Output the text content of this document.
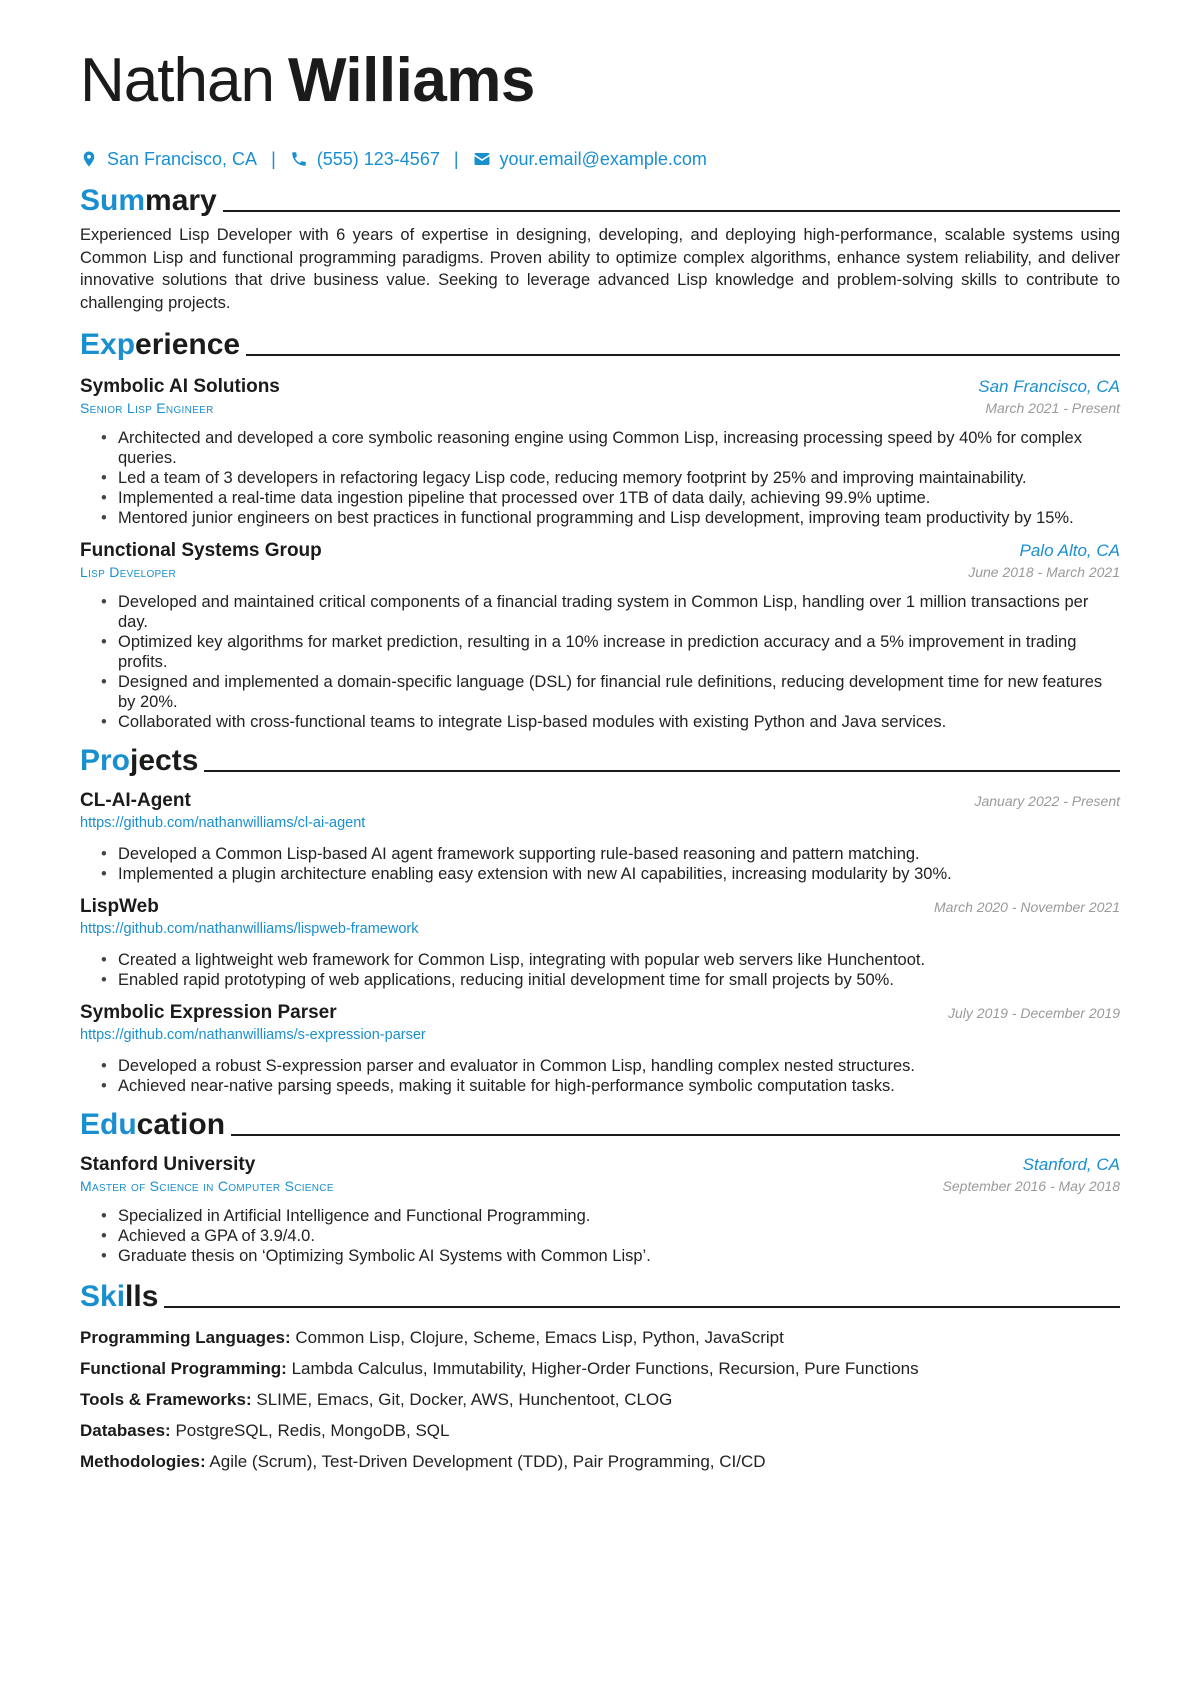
Nathan Williams
San Francisco, CA | (555) 123-4567 | your.email@example.com
Summary

Experienced Lisp Developer with 6 years of expertise in designing, developing, and deploying high-performance, scalable systems using Common Lisp and functional programming paradigms. Proven ability to optimize complex algorithms, enhance system reliability, and deliver innovative solutions that drive business value. Seeking to leverage advanced Lisp knowledge and problem-solving skills to contribute to challenging projects.

Experience
Symbolic AI Solutions	San Francisco, CA
Senior Lisp Engineer	March 2021 - Present
• Architected and developed a core symbolic reasoning engine using Common Lisp, increasing processing speed by 40% for complex queries.
• Led a team of 3 developers in refactoring legacy Lisp code, reducing memory footprint by 25% and improving maintainability.
• Implemented a real-time data ingestion pipeline that processed over 1TB of data daily, achieving 99.9% uptime.
• Mentored junior engineers on best practices in functional programming and Lisp development, improving team productivity by 15%.
Functional Systems Group	Palo Alto, CA
Lisp Developer	June 2018 - March 2021
• Developed and maintained critical components of a financial trading system in Common Lisp, handling over 1 million transactions per day.
• Optimized key algorithms for market prediction, resulting in a 10% increase in prediction accuracy and a 5% improvement in trading profits.
• Designed and implemented a domain-specific language (DSL) for financial rule definitions, reducing development time for new features by 20%.
• Collaborated with cross-functional teams to integrate Lisp-based modules with existing Python and Java services.
Projects
CL-AI-Agent	January 2022 - Present
https://github.com/nathanwilliams/cl-ai-agent
• Developed a Common Lisp-based AI agent framework supporting rule-based reasoning and pattern matching.
• Implemented a plugin architecture enabling easy extension with new AI capabilities, increasing modularity by 30%.
LispWeb	March 2020 - November 2021
https://github.com/nathanwilliams/lispweb-framework
• Created a lightweight web framework for Common Lisp, integrating with popular web servers like Hunchentoot.
• Enabled rapid prototyping of web applications, reducing initial development time for small projects by 50%.
Symbolic Expression Parser	July 2019 - December 2019
https://github.com/nathanwilliams/s-expression-parser
• Developed a robust S-expression parser and evaluator in Common Lisp, handling complex nested structures.
• Achieved near-native parsing speeds, making it suitable for high-performance symbolic computation tasks.
Education
Stanford University	Stanford, CA
Master of Science in Computer Science	September 2016 - May 2018
• Specialized in Artificial Intelligence and Functional Programming.
• Achieved a GPA of 3.9/4.0.
• Graduate thesis on ‘Optimizing Symbolic AI Systems with Common Lisp’.
Skills
Programming Languages: Common Lisp, Clojure, Scheme, Emacs Lisp, Python, JavaScript
Functional Programming: Lambda Calculus, Immutability, Higher-Order Functions, Recursion, Pure Functions
Tools & Frameworks: SLIME, Emacs, Git, Docker, AWS, Hunchentoot, CLOG
Databases: PostgreSQL, Redis, MongoDB, SQL
Methodologies: Agile (Scrum), Test-Driven Development (TDD), Pair Programming, CI/CD
